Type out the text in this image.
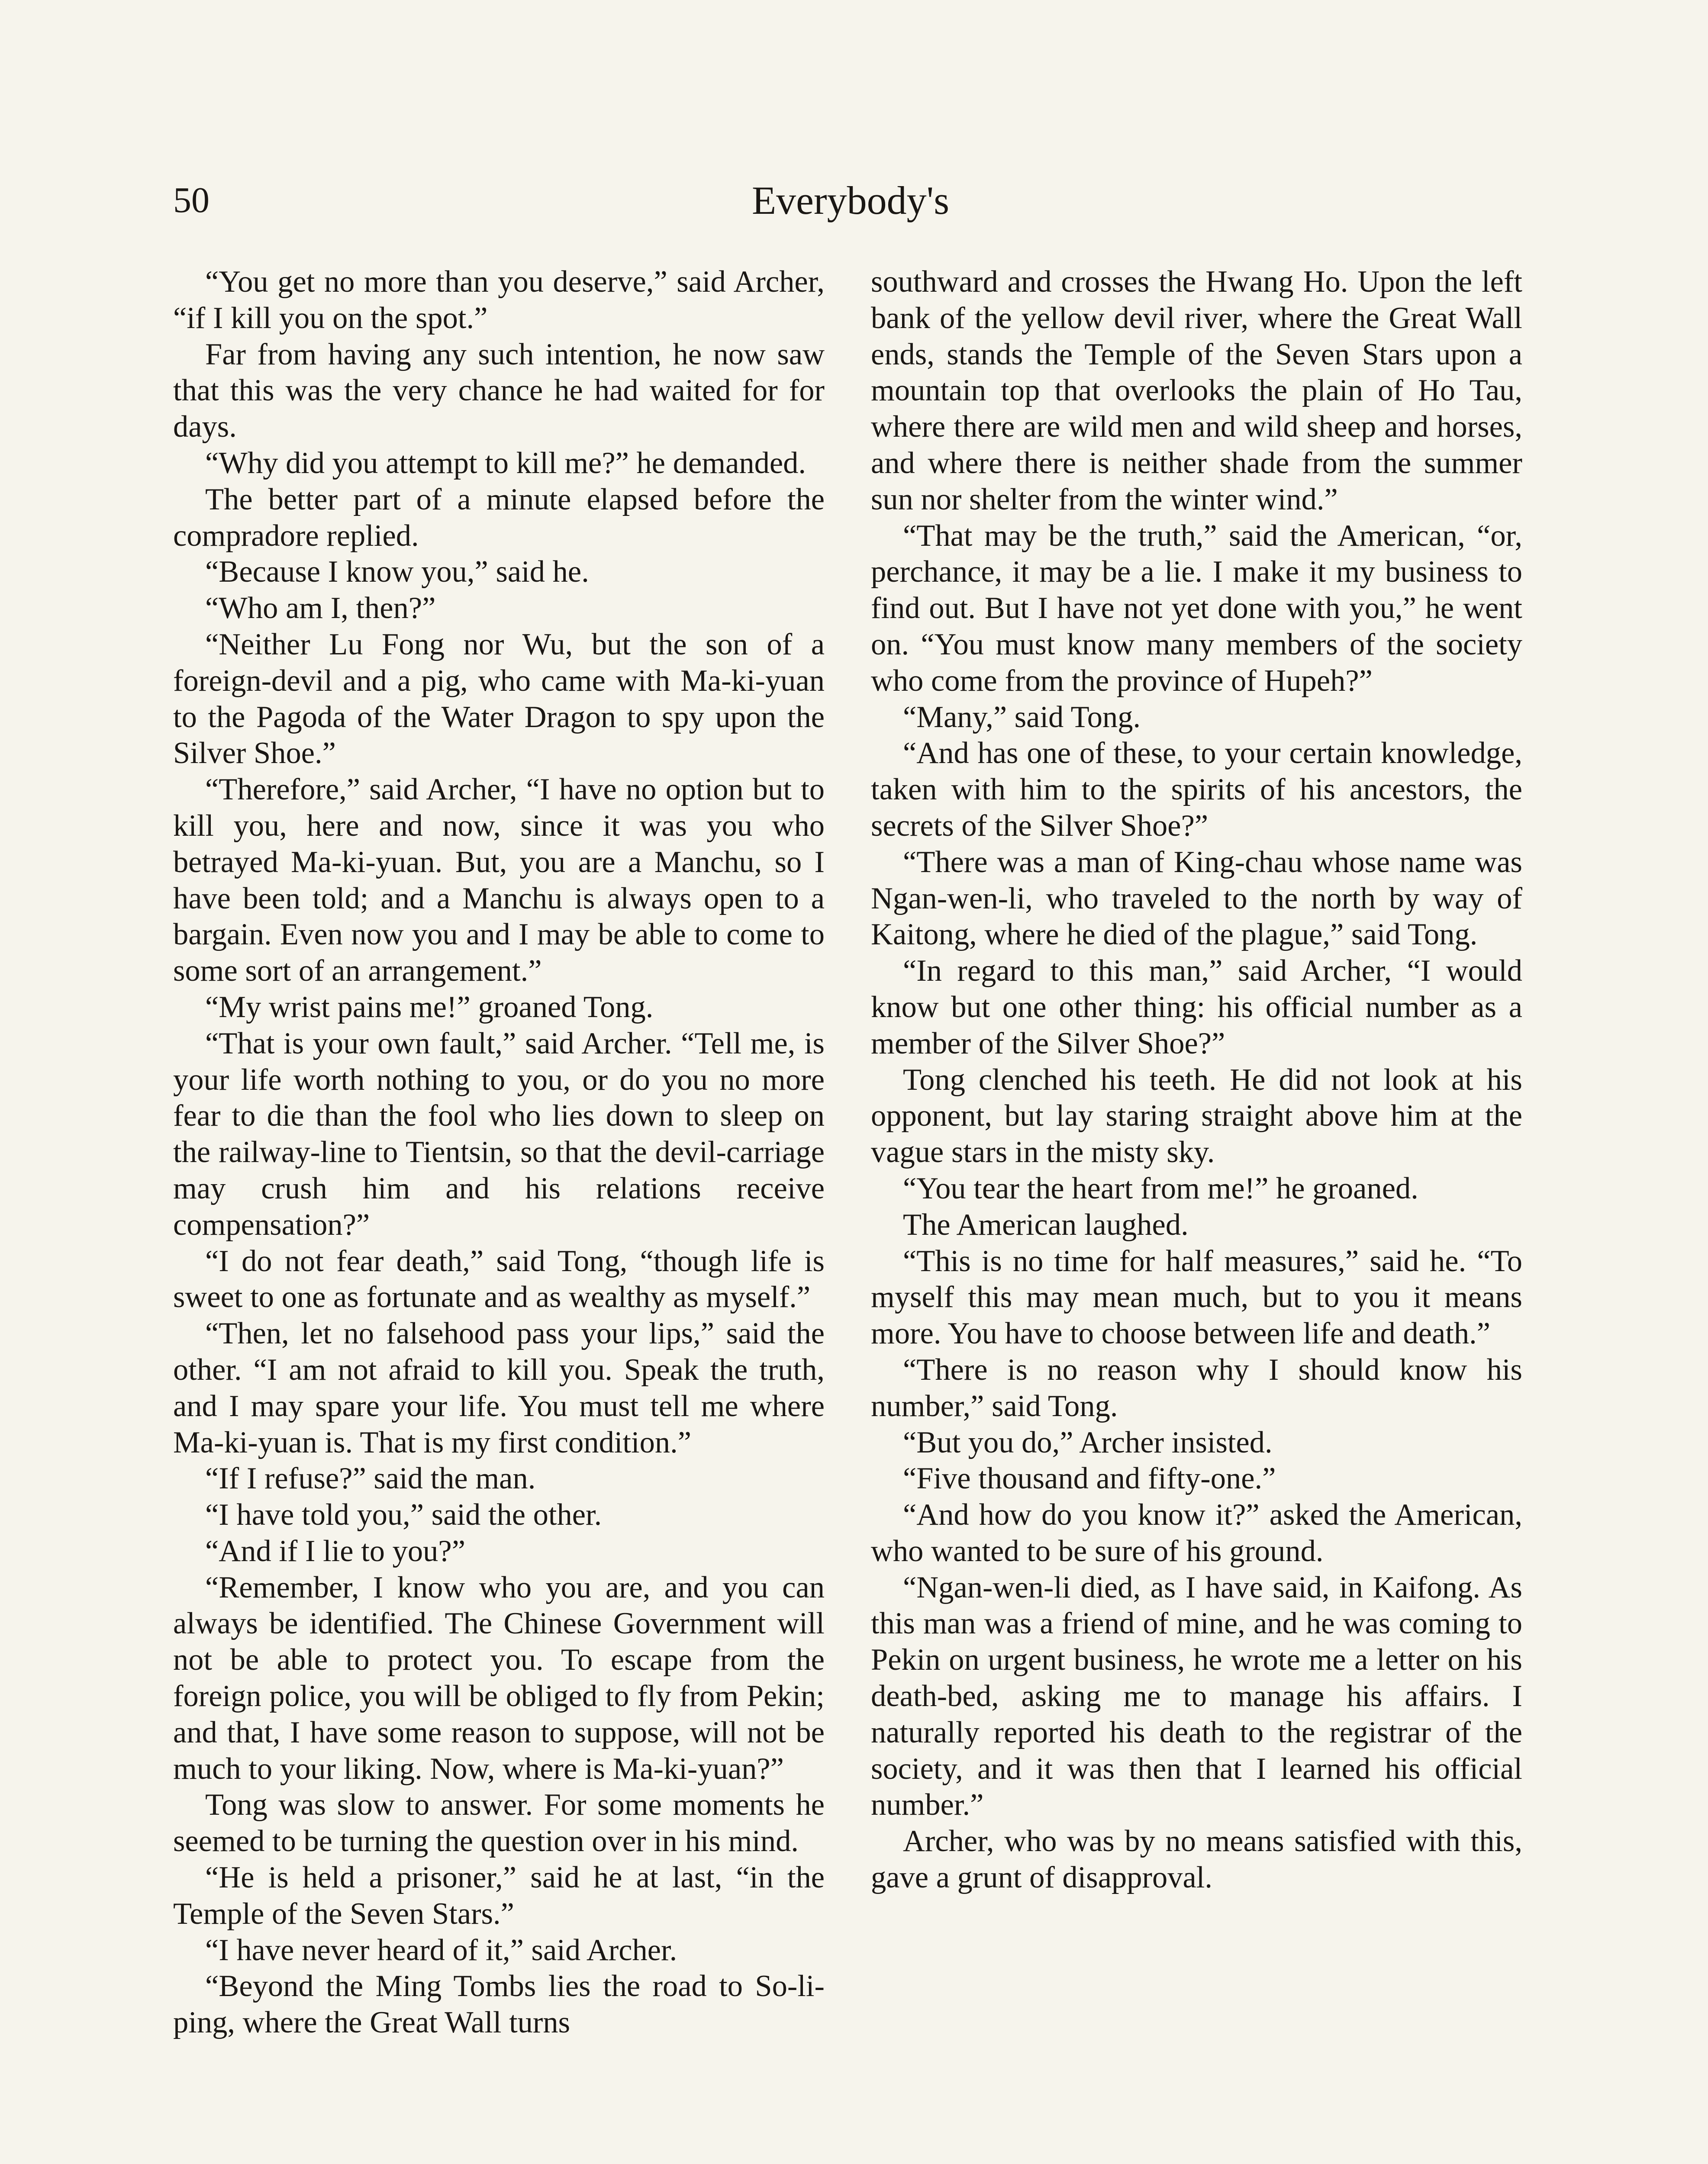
50	Everybody's

“You get no more than you deserve,” said Archer, “if I kill you on the spot.”

Far from having any such intention, he now saw that this was the very chance he had waited for for days.

“Why did you attempt to kill me?” he demanded.

The better part of a minute elapsed before the compradore replied.

“Because I know you,” said he.

“Who am I, then?”

“Neither Lu Fong nor Wu, but the son of a foreign-devil and a pig, who came with Ma-ki-yuan to the Pagoda of the Water Dragon to spy upon the Silver Shoe.”

“Therefore,” said Archer, “I have no option but to kill you, here and now, since it was you who betrayed Ma-ki-yuan. But, you are a Manchu, so I have been told; and a Manchu is always open to a bargain. Even now you and I may be able to come to some sort of an arrangement.”

“My wrist pains me!” groaned Tong.

“That is your own fault,” said Archer. “Tell me, is your life worth nothing to you, or do you no more fear to die than the fool who lies down to sleep on the railway-line to Tientsin, so that the devil-carriage may crush him and his relations receive compensation?”

“I do not fear death,” said Tong, “though life is sweet to one as fortunate and as wealthy as myself.”

“Then, let no falsehood pass your lips,” said the other. “I am not afraid to kill you. Speak the truth, and I may spare your life. You must tell me where Ma-ki-yuan is. That is my first condition.”

“If I refuse?” said the man.

“I have told you,” said the other.

“And if I lie to you?”

“Remember, I know who you are, and you can always be identified. The Chinese Government will not be able to protect you. To escape from the foreign police, you will be obliged to fly from Pekin; and that, I have some reason to suppose, will not be much to your liking. Now, where is Ma-ki-yuan?”

Tong was slow to answer. For some moments he seemed to be turning the question over in his mind.

“He is held a prisoner,” said he at last, “in the Temple of the Seven Stars.”

“I have never heard of it,” said Archer.

“Beyond the Ming Tombs lies the road to So-li-ping, where the Great Wall turns

southward and crosses the Hwang Ho. Upon the left bank of the yellow devil river, where the Great Wall ends, stands the Temple of the Seven Stars upon a mountain top that overlooks the plain of Ho Tau, where there are wild men and wild sheep and horses, and where there is neither shade from the summer sun nor shelter from the winter wind.”

“That may be the truth,” said the American, “or, perchance, it may be a lie. I make it my business to find out. But I have not yet done with you,” he went on. “You must know many members of the society who come from the province of Hupeh?”

“Many,” said Tong.

“And has one of these, to your certain knowledge, taken with him to the spirits of his ancestors, the secrets of the Silver Shoe?”

“There was a man of King-chau whose name was Ngan-wen-li, who traveled to the north by way of Kaitong, where he died of the plague,” said Tong.

“In regard to this man,” said Archer, “I would know but one other thing: his official number as a member of the Silver Shoe?”

Tong clenched his teeth. He did not look at his opponent, but lay staring straight above him at the vague stars in the misty sky.

“You tear the heart from me!” he groaned.

The American laughed.

“This is no time for half measures,” said he. “To myself this may mean much, but to you it means more. You have to choose between life and death.”

“There is no reason why I should know his number,” said Tong.

“But you do,” Archer insisted.

“Five thousand and fifty-one.”

“And how do you know it?” asked the American, who wanted to be sure of his ground.

“Ngan-wen-li died, as I have said, in Kaifong. As this man was a friend of mine, and he was coming to Pekin on urgent business, he wrote me a letter on his death-bed, asking me to manage his affairs. I naturally reported his death to the registrar of the society, and it was then that I learned his official number.”

Archer, who was by no means satisfied with this, gave a grunt of disapproval.
